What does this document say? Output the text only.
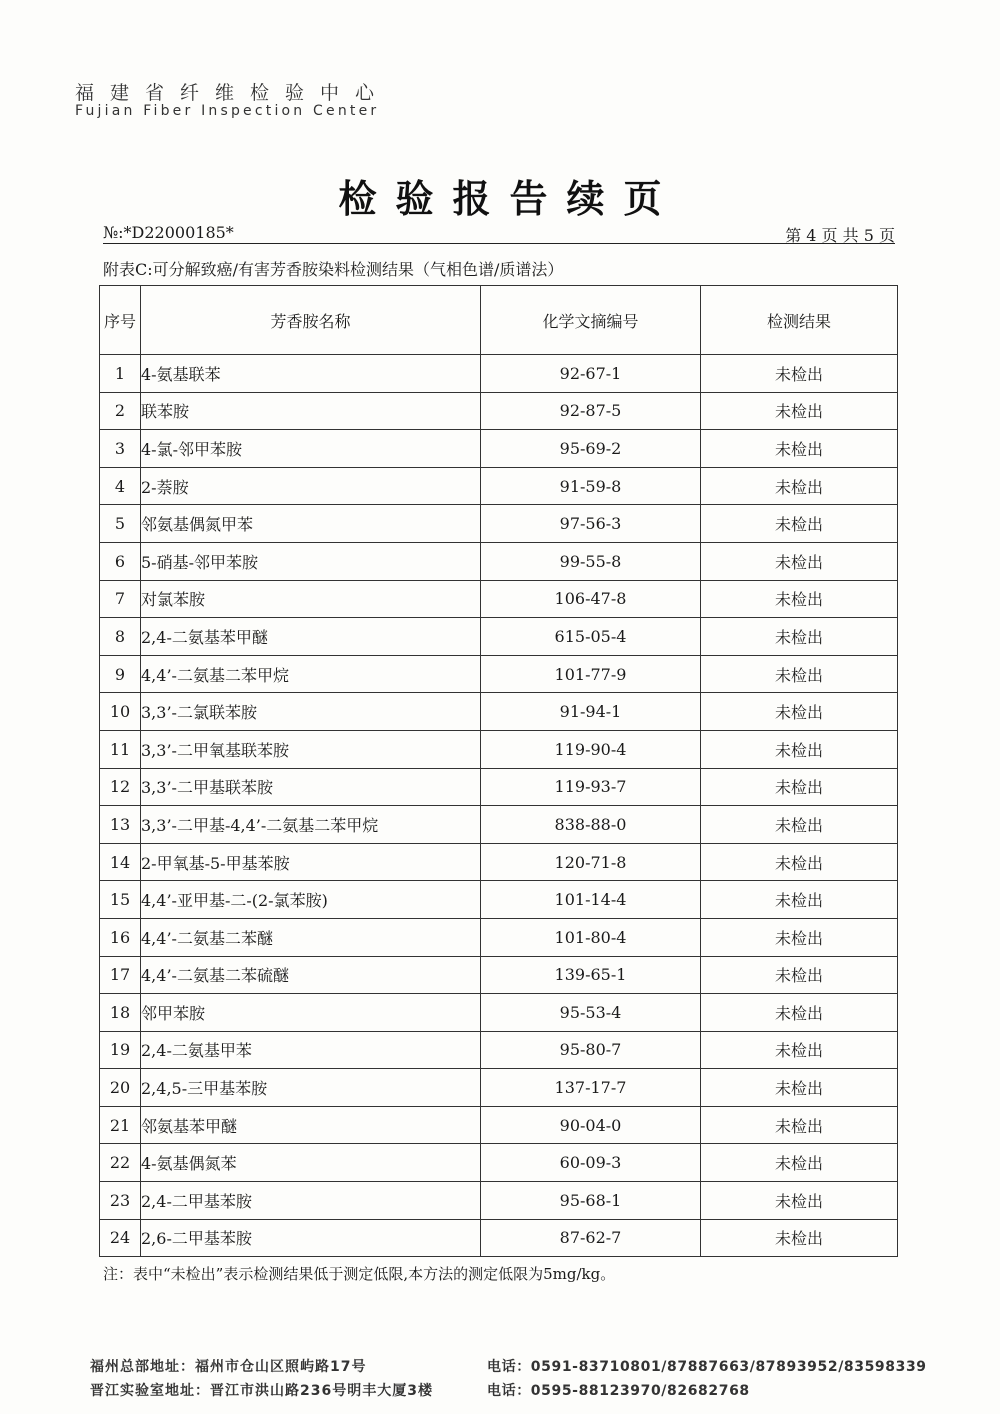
福建省纤维检验中心
Fujian Fiber Inspection Center
检验报告续页
№:*D22000185*	第 4 页 共 5 页
附表C:可分解致癌/有害芳香胺染料检测结果（气相色谱/质谱法）
序号	芳香胺名称	化学文摘编号	检测结果
1	4-氨基联苯	92-67-1	未检出
2	联苯胺	92-87-5	未检出
3	4-氯-邻甲苯胺	95-69-2	未检出
4	2-萘胺	91-59-8	未检出
5	邻氨基偶氮甲苯	97-56-3	未检出
6	5-硝基-邻甲苯胺	99-55-8	未检出
7	对氯苯胺	106-47-8	未检出
8	2,4-二氨基苯甲醚	615-05-4	未检出
9	4,4’-二氨基二苯甲烷	101-77-9	未检出
10	3,3’-二氯联苯胺	91-94-1	未检出
11	3,3’-二甲氧基联苯胺	119-90-4	未检出
12	3,3’-二甲基联苯胺	119-93-7	未检出
13	3,3’-二甲基-4,4’-二氨基二苯甲烷	838-88-0	未检出
14	2-甲氧基-5-甲基苯胺	120-71-8	未检出
15	4,4’-亚甲基-二-(2-氯苯胺)	101-14-4	未检出
16	4,4’-二氨基二苯醚	101-80-4	未检出
17	4,4’-二氨基二苯硫醚	139-65-1	未检出
18	邻甲苯胺	95-53-4	未检出
19	2,4-二氨基甲苯	95-80-7	未检出
20	2,4,5-三甲基苯胺	137-17-7	未检出
21	邻氨基苯甲醚	90-04-0	未检出
22	4-氨基偶氮苯	60-09-3	未检出
23	2,4-二甲基苯胺	95-68-1	未检出
24	2,6-二甲基苯胺	87-62-7	未检出
注：表中“未检出”表示检测结果低于测定低限,本方法的测定低限为5mg/kg。
福州总部地址：福州市仓山区照屿路17号	电话：0591-83710801/87887663/87893952/83598339
晋江实验室地址：晋江市洪山路236号明丰大厦3楼	电话：0595-88123970/82682768
